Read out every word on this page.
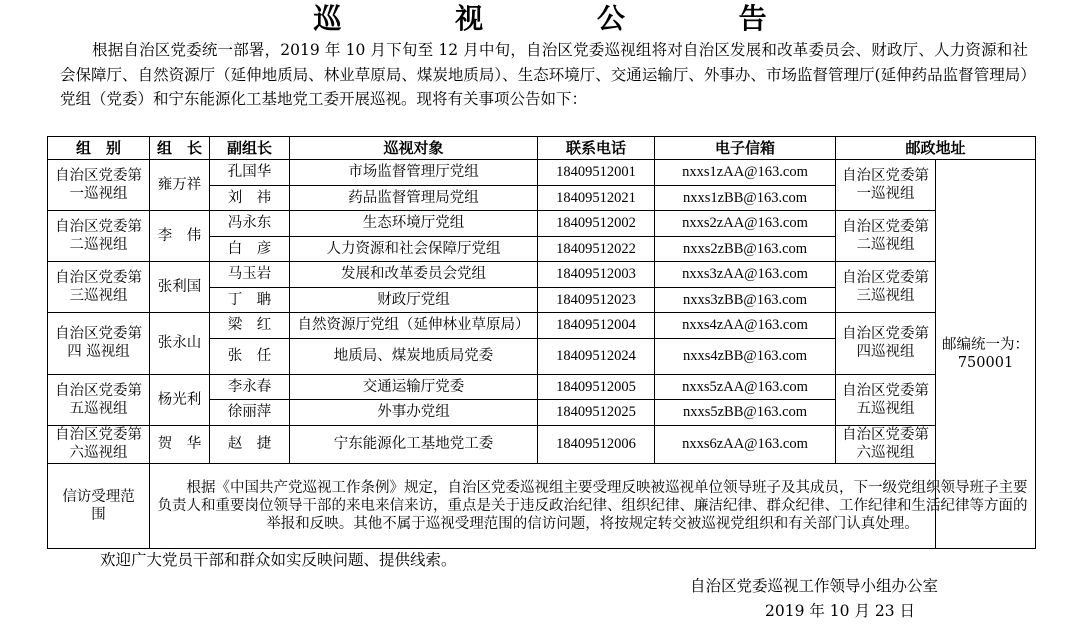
巡 视 公 告
根据自治区党委统一部署，2019 年 10 月下旬至 12 月中旬，自治区党委巡视组将对自治区发展和改革委员会、财政厅、人力资源和社会保障厅、自然资源厅（延伸地质局、林业草原局、煤炭地质局）、生态环境厅、交通运输厅、外事办、市场监督管理厅(延伸药品监督管理局）党组（党委）和宁东能源化工基地党工委开展巡视。现将有关事项公告如下：
组　别	组　长	副组长	巡视对象	联系电话	电子信箱	邮政地址	
自治区党委第一巡视组	雍万祥	孔国华	市场监督管理厅党组	18409512001	nxxs1zAA@163.com	自治区党委第一巡视组	邮编统一为：750001
		刘　祎	药品监督管理局党组	18409512021	nxxs1zBB@163.com		
自治区党委第二巡视组	李　伟	冯永东	生态环境厅党组	18409512002	nxxs2zAA@163.com	自治区党委第二巡视组	
		白　彦	人力资源和社会保障厅党组	18409512022	nxxs2zBB@163.com		
自治区党委第三巡视组	张利国	马玉岩	发展和改革委员会党组	18409512003	nxxs3zAA@163.com	自治区党委第三巡视组	
		丁　聃	财政厅党组	18409512023	nxxs3zBB@163.com		
自治区党委第四 巡视组	张永山	梁　红	自然资源厅党组（延伸林业草原局）	18409512004	nxxs4zAA@163.com	自治区党委第四巡视组	
		张　任	地质局、煤炭地质局党委	18409512024	nxxs4zBB@163.com		
自治区党委第五巡视组	杨光利	李永春	交通运输厅党委	18409512005	nxxs5zAA@163.com	自治区党委第五巡视组	
		徐丽萍	外事办党组	18409512025	nxxs5zBB@163.com		
自治区党委第六巡视组	贺　华	赵　捷	宁东能源化工基地党工委	18409512006	nxxs6zAA@163.com	自治区党委第六巡视组	
信访受理范　　围	根据《中国共产党巡视工作条例》规定，自治区党委巡视组主要受理反映被巡视单位领导班子及其成员，下一级党组织领导班子主要负责人和重要岗位领导干部的来电来信来访，重点是关于违反政治纪律、组织纪律、廉洁纪律、群众纪律、工作纪律和生活纪律等方面的举报和反映。其他不属于巡视受理范围的信访问题，将按规定转交被巡视党组织和有关部门认真处理。						
欢迎广大党员干部和群众如实反映问题、提供线索。
自治区党委巡视工作领导小组办公室
2019 年 10 月 23 日
